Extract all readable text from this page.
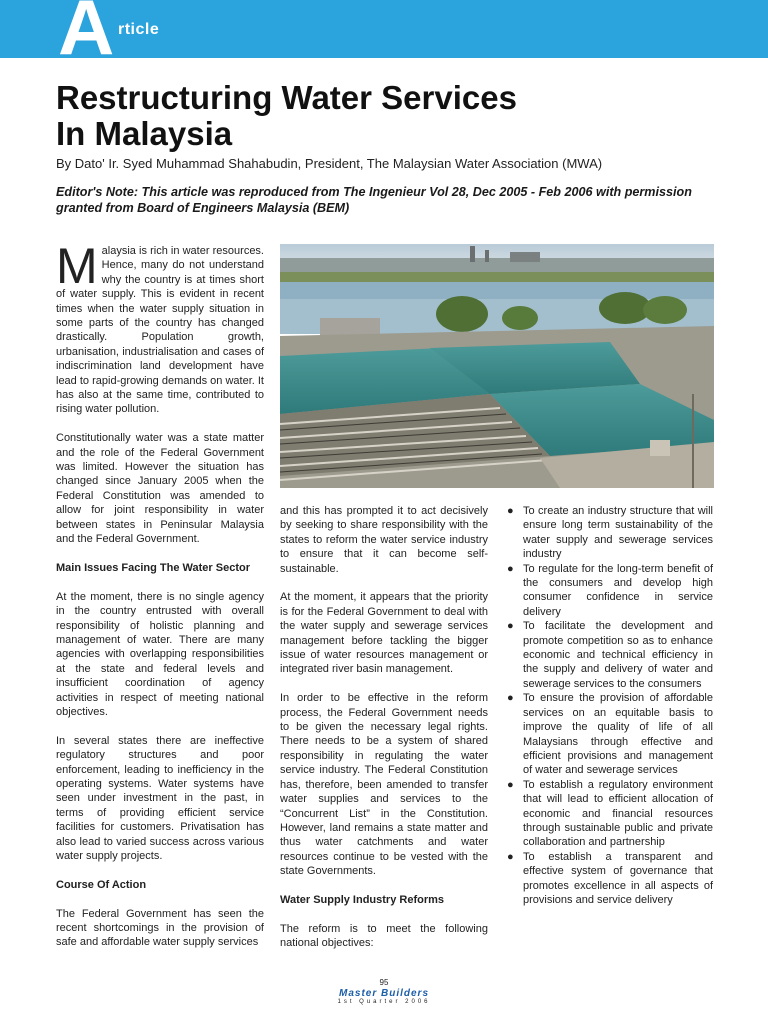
A rticle
Restructuring Water Services
In Malaysia
By Dato' Ir. Syed Muhammad Shahabudin, President, The Malaysian Water Association (MWA)
Editor's Note: This article was reproduced from The Ingenieur Vol 28, Dec 2005 - Feb 2006 with permission granted from Board of Engineers Malaysia (BEM)

Malaysia is rich in water resources. Hence, many do not understand why the country is at times short of water supply. This is evident in recent times when the water supply situation in some parts of the country has changed drastically. Population growth, urbanisation, industrialisation and cases of indiscrimination land development have lead to rapid-growing demands on water. It has also at the same time, contributed to rising water pollution.

Constitutionally water was a state matter and the role of the Federal Government was limited. However the situation has changed since January 2005 when the Federal Constitution was amended to allow for joint responsibility in water between states in Peninsular Malaysia and the Federal Government.

Main Issues Facing The Water Sector

At the moment, there is no single agency in the country entrusted with overall responsibility of holistic planning and management of water. There are many agencies with overlapping responsibilities at the state and federal levels and insufficient coordination of agency activities in respect of meeting national objectives.

In several states there are ineffective regulatory structures and poor enforcement, leading to inefficiency in the operating systems. Water systems have seen under investment in the past, in terms of providing efficient service facilities for customers. Privatisation has also lead to varied success across various water supply projects.

Course Of Action

The Federal Government has seen the recent shortcomings in the provision of safe and affordable water supply services

and this has prompted it to act decisively by seeking to share responsibility with the states to reform the water service industry to ensure that it can become self-sustainable.

At the moment, it appears that the priority is for the Federal Government to deal with the water supply and sewerage services management before tackling the bigger issue of water resources management or integrated river basin management.

In order to be effective in the reform process, the Federal Government needs to be given the necessary legal rights. There needs to be a system of shared responsibility in regulating the water service industry. The Federal Constitution has, therefore, been amended to transfer water supplies and services to the “Concurrent List” in the Constitution. However, land remains a state matter and thus water catchments and water resources continue to be vested with the state Governments.

Water Supply Industry Reforms

The reform is to meet the following national objectives:

● To create an industry structure that will ensure long term sustainability of the water supply and sewerage services industry
● To regulate for the long-term benefit of the consumers and develop high consumer confidence in service delivery
● To facilitate the development and promote competition so as to enhance economic and technical efficiency in the supply and delivery of water and sewerage services to the consumers
● To ensure the provision of affordable services on an equitable basis to improve the quality of life of all Malaysians through effective and efficient provisions and management of water and sewerage services
● To establish a regulatory environment that will lead to efficient allocation of economic and financial resources through sustainable public and private collaboration and partnership
● To establish a transparent and effective system of governance that promotes excellence in all aspects of provisions and service delivery
95
Master Builders
1st Quarter 2006
